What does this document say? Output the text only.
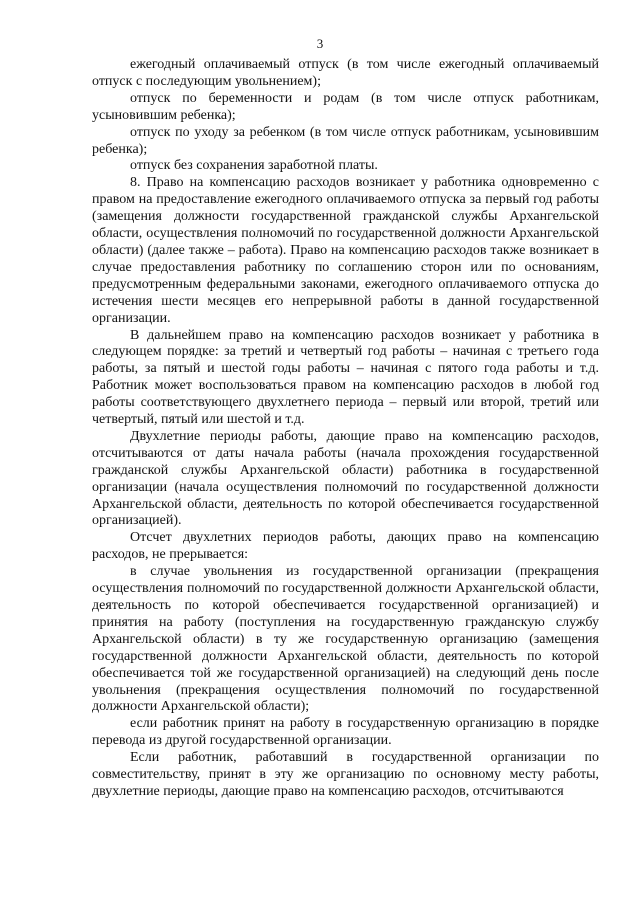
3

ежегодный оплачиваемый отпуск (в том числе ежегодный оплачиваемый отпуск с последующим увольнением);

отпуск по беременности и родам (в том числе отпуск работникам, усыновившим ребенка);

отпуск по уходу за ребенком (в том числе отпуск работникам, усыновившим ребенка);

отпуск без сохранения заработной платы.

8. Право на компенсацию расходов возникает у работника одновременно с правом на предоставление ежегодного оплачиваемого отпуска за первый год работы (замещения должности государственной гражданской службы Архангельской области, осуществления полномочий по государственной должности Архангельской области) (далее также – работа). Право на компенсацию расходов также возникает в случае предоставления работнику по соглашению сторон или по основаниям, предусмотренным федеральными законами, ежегодного оплачиваемого отпуска до истечения шести месяцев его непрерывной работы в данной государственной организации.

В дальнейшем право на компенсацию расходов возникает у работника в следующем порядке: за третий и четвертый год работы – начиная с третьего года работы, за пятый и шестой годы работы – начиная с пятого года работы и т.д. Работник может воспользоваться правом на компенсацию расходов в любой год работы соответствующего двухлетнего периода – первый или второй, третий или четвертый, пятый или шестой и т.д.

Двухлетние периоды работы, дающие право на компенсацию расходов, отсчитываются от даты начала работы (начала прохождения государственной гражданской службы Архангельской области) работника в государственной организации (начала осуществления полномочий по государственной должности Архангельской области, деятельность по которой обеспечивается государственной организацией).

Отсчет двухлетних периодов работы, дающих право на компенсацию расходов, не прерывается:

в случае увольнения из государственной организации (прекращения осуществления полномочий по государственной должности Архангельской области, деятельность по которой обеспечивается государственной организацией) и принятия на работу (поступления на государственную гражданскую службу Архангельской области) в ту же государственную организацию (замещения государственной должности Архангельской области, деятельность по которой обеспечивается той же государственной организацией) на следующий день после увольнения (прекращения осуществления полномочий по государственной должности Архангельской области);

если работник принят на работу в государственную организацию в порядке перевода из другой государственной организации.

Если работник, работавший в государственной организации по совместительству, принят в эту же организацию по основному месту работы, двухлетние периоды, дающие право на компенсацию расходов, отсчитываются
